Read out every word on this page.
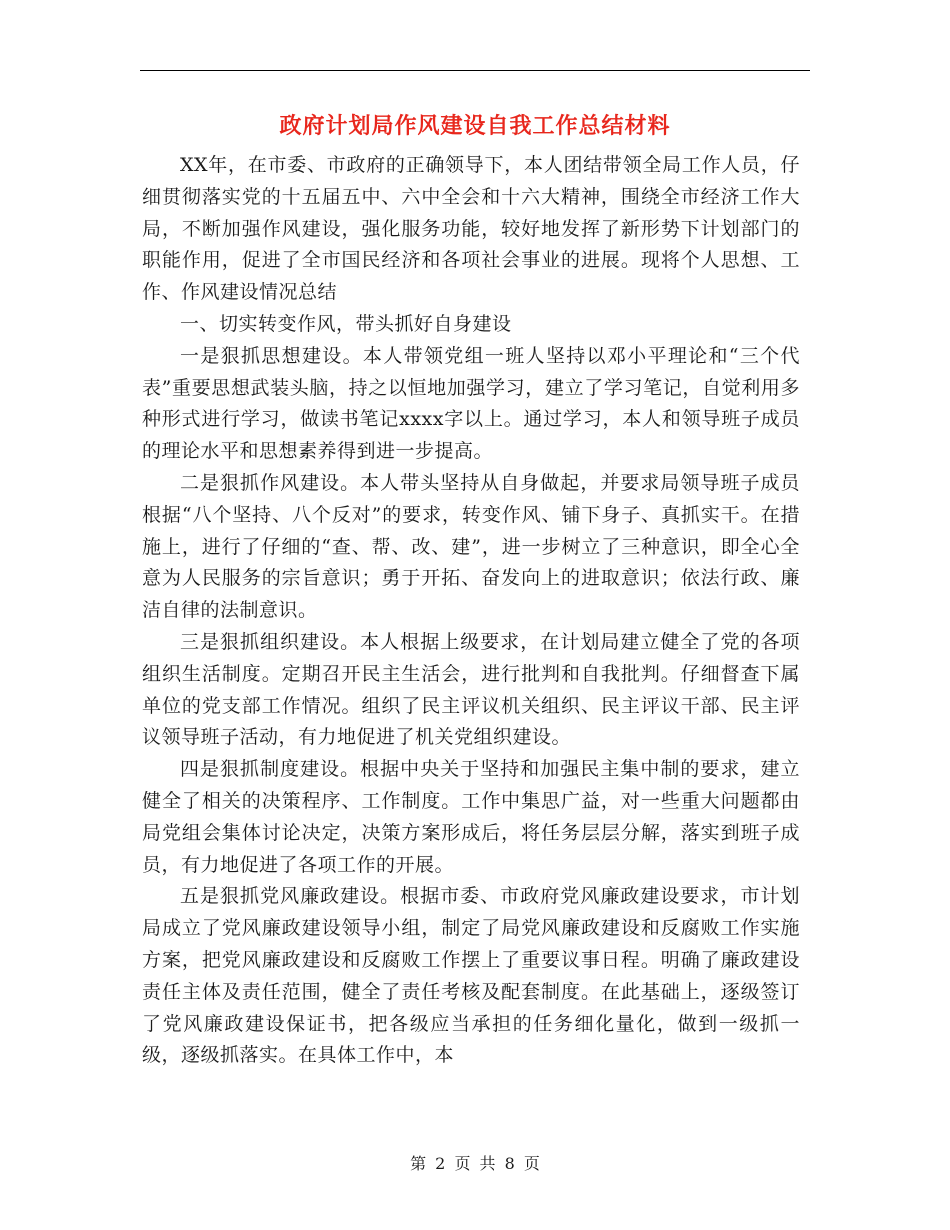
政府计划局作风建设自我工作总结材料

XX年，在市委、市政府的正确领导下，本人团结带领全局工作人员，仔细贯彻落实党的十五届五中、六中全会和十六大精神，围绕全市经济工作大局，不断加强作风建设，强化服务功能，较好地发挥了新形势下计划部门的职能作用，促进了全市国民经济和各项社会事业的进展。现将个人思想、工作、作风建设情况总结

一、切实转变作风，带头抓好自身建设

一是狠抓思想建设。本人带领党组一班人坚持以邓小平理论和“三个代表”重要思想武装头脑，持之以恒地加强学习，建立了学习笔记，自觉利用多种形式进行学习，做读书笔记xxxx字以上。通过学习，本人和领导班子成员的理论水平和思想素养得到进一步提高。

二是狠抓作风建设。本人带头坚持从自身做起，并要求局领导班子成员根据“八个坚持、八个反对”的要求，转变作风、铺下身子、真抓实干。在措施上，进行了仔细的“查、帮、改、建”，进一步树立了三种意识，即全心全意为人民服务的宗旨意识；勇于开拓、奋发向上的进取意识；依法行政、廉洁自律的法制意识。

三是狠抓组织建设。本人根据上级要求，在计划局建立健全了党的各项组织生活制度。定期召开民主生活会，进行批判和自我批判。仔细督查下属单位的党支部工作情况。组织了民主评议机关组织、民主评议干部、民主评议领导班子活动，有力地促进了机关党组织建设。

四是狠抓制度建设。根据中央关于坚持和加强民主集中制的要求，建立健全了相关的决策程序、工作制度。工作中集思广益，对一些重大问题都由局党组会集体讨论决定，决策方案形成后，将任务层层分解，落实到班子成员，有力地促进了各项工作的开展。

五是狠抓党风廉政建设。根据市委、市政府党风廉政建设要求，市计划局成立了党风廉政建设领导小组，制定了局党风廉政建设和反腐败工作实施方案，把党风廉政建设和反腐败工作摆上了重要议事日程。明确了廉政建设责任主体及责任范围，健全了责任考核及配套制度。在此基础上，逐级签订了党风廉政建设保证书，把各级应当承担的任务细化量化，做到一级抓一级，逐级抓落实。在具体工作中，本

第 2 页 共 8 页
